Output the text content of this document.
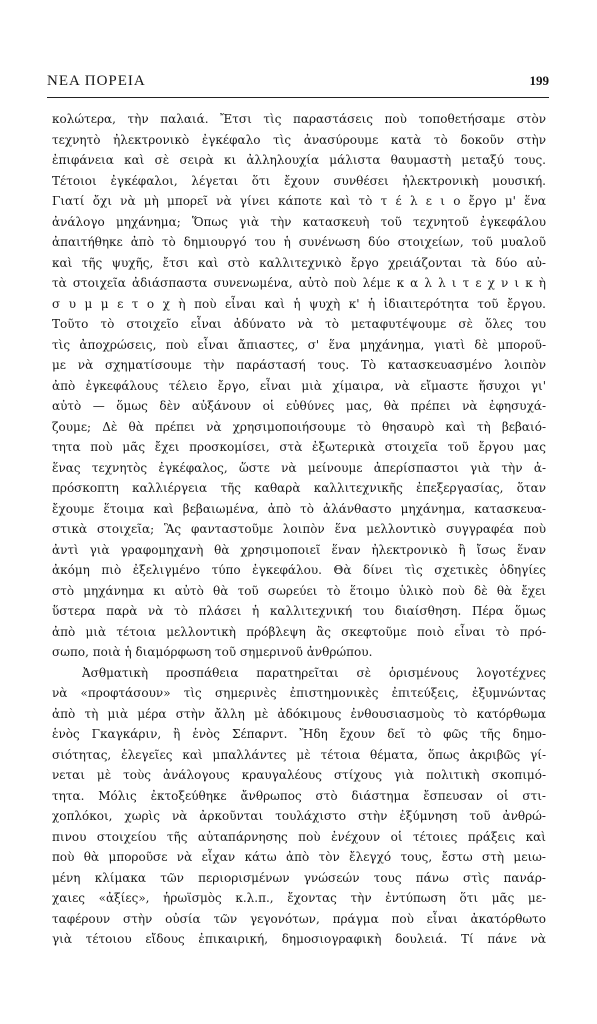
ΝΕΑ ΠΟΡΕΙΑ	199
κολώτερα, τὴν παλαιά. Ἔτσι τὶς παραστάσεις ποὺ τοποθετήσαμε στὸν
τεχνητὸ ἠλεκτρονικὸ ἐγκέφαλο τὶς ἀνασύρουμε κατὰ τὸ δοκοῦν στὴν
ἐπιφάνεια καὶ σὲ σειρὰ κι ἀλληλουχία μάλιστα θαυμαστὴ μεταξύ τους.
Τέτοιοι ἐγκέφαλοι, λέγεται ὅτι ἔχουν συνθέσει ἠλεκτρονικὴ μουσική.
Γιατί ὄχι νὰ μὴ μπορεῖ νὰ γίνει κάποτε καὶ τὸ τ έ λ ε ι ο ἔργο μ' ἕνα
ἀνάλογο μηχάνημα; Ὅπως γιὰ τὴν κατασκευὴ τοῦ τεχνητοῦ ἐγκεφάλου
ἀπαιτήθηκε ἀπὸ τὸ δημιουργό του ἡ συνένωση δύο στοιχείων, τοῦ μυαλοῦ
καὶ τῆς ψυχῆς, ἔτσι καὶ στὸ καλλιτεχνικὸ ἔργο χρειάζονται τὰ δύο αὐ-
τὰ στοιχεῖα ἀδιάσπαστα συνενωμένα, αὐτὸ ποὺ λέμε κ α λ λ ι τ ε χ ν ι κ ὴ
σ υ μ μ ε τ ο χ ὴ ποὺ εἶναι καὶ ἡ ψυχὴ κ' ἡ ἰδιαιτερότητα τοῦ ἔργου.
Τοῦτο τὸ στοιχεῖο εἶναι ἀδύνατο νὰ τὸ μεταφυτέψουμε σὲ ὅλες του
τὶς ἀποχρώσεις, ποὺ εἶναι ἄπιαστες, σ' ἕνα μηχάνημα, γιατὶ δὲ μποροῦ-
με νὰ σχηματίσουμε τὴν παράστασή τους. Τὸ κατασκευασμένο λοιπὸν
ἀπὸ ἐγκεφάλους τέλειο ἔργο, εἶναι μιὰ χίμαιρα, νὰ εἴμαστε ἥσυχοι γι'
αὐτὸ — ὅμως δὲν αὐξάνουν οἱ εὐθύνες μας, θὰ πρέπει νὰ ἐφησυχά-
ζουμε; Δὲ θὰ πρέπει νὰ χρησιμοποιήσουμε τὸ θησαυρὸ καὶ τὴ βεβαιό-
τητα ποὺ μᾶς ἔχει προσκομίσει, στὰ ἐξωτερικὰ στοιχεῖα τοῦ ἔργου μας
ἕνας τεχνητὸς ἐγκέφαλος, ὥστε νὰ μείνουμε ἀπερίσπαστοι γιὰ τὴν ἀ-
πρόσκοπτη καλλιέργεια τῆς καθαρὰ καλλιτεχνικῆς ἐπεξεργασίας, ὅταν
ἔχουμε ἕτοιμα καὶ βεβαιωμένα, ἀπὸ τὸ ἀλάνθαστο μηχάνημα, κατασκευα-
στικὰ στοιχεῖα; Ἃς φανταστοῦμε λοιπὸν ἕνα μελλοντικὸ συγγραφέα ποὺ
ἀντὶ γιὰ γραφομηχανὴ θὰ χρησιμοποιεῖ ἕναν ἠλεκτρονικὸ ἢ ἴσως ἕναν
ἀκόμη πιὸ ἐξελιγμένο τύπο ἐγκεφάλου. Θὰ δίνει τὶς σχετικὲς ὁδηγίες
στὸ μηχάνημα κι αὐτὸ θὰ τοῦ σωρεύει τὸ ἕτοιμο ὑλικὸ ποὺ δὲ θὰ ἔχει
ὕστερα παρὰ νὰ τὸ πλάσει ἡ καλλιτεχνική του διαίσθηση. Πέρα ὅμως
ἀπὸ μιὰ τέτοια μελλοντικὴ πρόβλεψη ἂς σκεφτοῦμε ποιὸ εἶναι τὸ πρό-
σωπο, ποιὰ ἡ διαμόρφωση τοῦ σημερινοῦ ἀνθρώπου.
Ἀσθματικὴ προσπάθεια παρατηρεῖται σὲ ὁρισμένους λογοτέχνες
νὰ «προφτάσουν» τὶς σημερινὲς ἐπιστημονικὲς ἐπιτεύξεις, ἐξυμνώντας
ἀπὸ τὴ μιὰ μέρα στὴν ἄλλη μὲ ἀδόκιμους ἐνθουσιασμοὺς τὸ κατόρθωμα
ἑνὸς Γκαγκάριν, ἢ ἑνὸς Σέπαρντ. Ἤδη ἔχουν δεῖ τὸ φῶς τῆς δημο-
σιότητας, ἐλεγεῖες καὶ μπαλλάντες μὲ τέτοια θέματα, ὅπως ἀκριβῶς γί-
νεται μὲ τοὺς ἀνάλογους κραυγαλέους στίχους γιὰ πολιτικὴ σκοπιμό-
τητα. Μόλις ἐκτοξεύθηκε ἄνθρωπος στὸ διάστημα ἔσπευσαν οἱ στι-
χοπλόκοι, χωρὶς νὰ ἀρκοῦνται τουλάχιστο στὴν ἐξύμνηση τοῦ ἀνθρώ-
πινου στοιχείου τῆς αὐταπάρνησης ποὺ ἐνέχουν οἱ τέτοιες πράξεις καὶ
ποὺ θὰ μποροῦσε νὰ εἶχαν κάτω ἀπὸ τὸν ἔλεγχό τους, ἔστω στὴ μειω-
μένη κλίμακα τῶν περιορισμένων γνώσεών τους πάνω στὶς πανάρ-
χαιες «ἀξίες», ἡρωϊσμὸς κ.λ.π., ἔχοντας τὴν ἐντύπωση ὅτι μᾶς με-
ταφέρουν στὴν οὐσία τῶν γεγονότων, πράγμα ποὺ εἶναι ἀκατόρθωτο
γιὰ τέτοιου εἴδους ἐπικαιρική, δημοσιογραφικὴ δουλειά. Τί πάνε νὰ
